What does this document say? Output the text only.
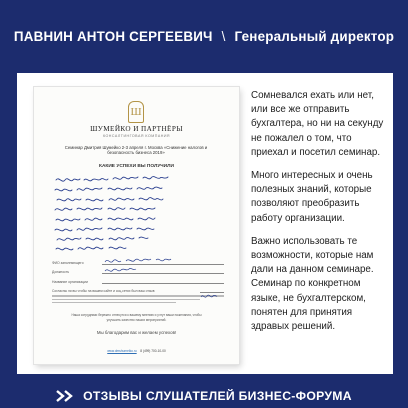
ПАВНИН АНТОН СЕРГЕЕВИЧ \ Генеральный директор
Ш
ШУМЕЙКО И ПАРТНЁРЫ
КОНСАЛТИНГОВАЯ КОМПАНИЯ
Семинар Дмитрия Шумейко 2-3 апреля г. Москва «Снижение налогов и безопасность бизнеса 2019»
КАКИЕ УСПЕХИ ВЫ ПОЛУЧИЛИ
ФИО заполняющего
Должность
Название организации
Согласны ли вы чтобы на вашем сайте и соц.сетях был ваш отзыв
Наша сотрудники бережно отнесутся к вашему мнению и учтут ваши пожелания, чтобы улучшить качество наших мероприятий.
Мы благодарим вас и желаем успехов!
www.dmshumeiko.ru 8 (499) 700-10-00

Сомневался ехать или нет, или все же отправить бухгалтера, но ни на секунду не пожалел о том, что приехал и посетил семинар.

Много интересных и очень полезных знаний, которые позволяют преобразить работу организации.

Важно использовать те возможности, которые нам дали на данном семинаре. Семинар по конкретном языке, не бухгалтерском, понятен для принятия здравых решений.

ОТЗЫВЫ СЛУШАТЕЛЕЙ БИЗНЕС-ФОРУМА
